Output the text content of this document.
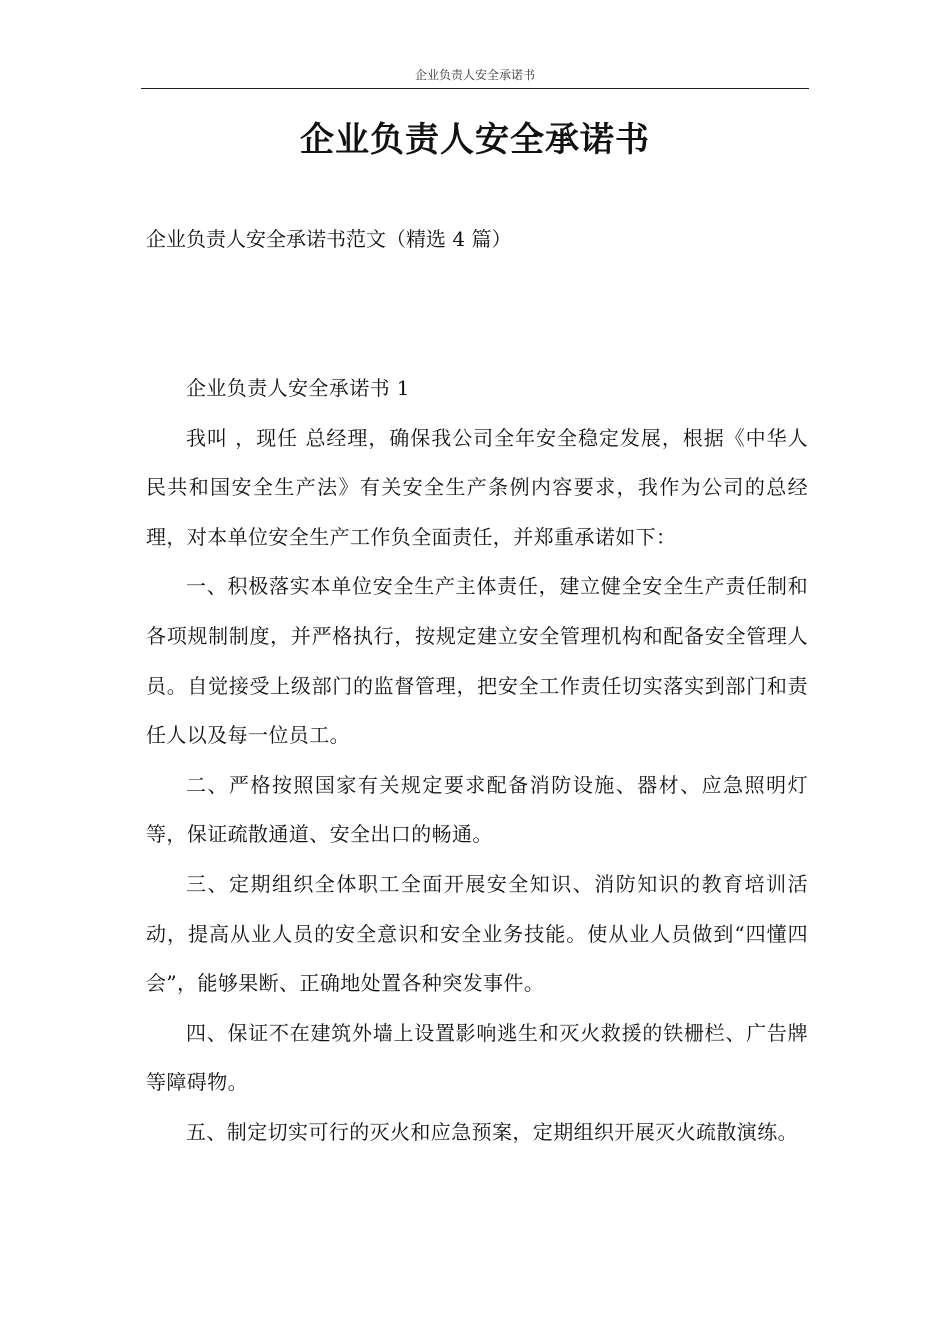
企业负责人安全承诺书
企业负责人安全承诺书
企业负责人安全承诺书范文（精选 4 篇）

企业负责人安全承诺书 1

我叫 ，现任 总经理，确保我公司全年安全稳定发展，根据《中华人民共和国安全生产法》有关安全生产条例内容要求，我作为公司的总经理，对本单位安全生产工作负全面责任，并郑重承诺如下：

一、积极落实本单位安全生产主体责任，建立健全安全生产责任制和各项规制制度，并严格执行，按规定建立安全管理机构和配备安全管理人员。自觉接受上级部门的监督管理，把安全工作责任切实落实到部门和责任人以及每一位员工。

二、严格按照国家有关规定要求配备消防设施、器材、应急照明灯等，保证疏散通道、安全出口的畅通。

三、定期组织全体职工全面开展安全知识、消防知识的教育培训活动，提高从业人员的安全意识和安全业务技能。使从业人员做到“四懂四会”，能够果断、正确地处置各种突发事件。

四、保证不在建筑外墙上设置影响逃生和灭火救援的铁栅栏、广告牌等障碍物。

五、制定切实可行的灭火和应急预案，定期组织开展灭火疏散演练。
